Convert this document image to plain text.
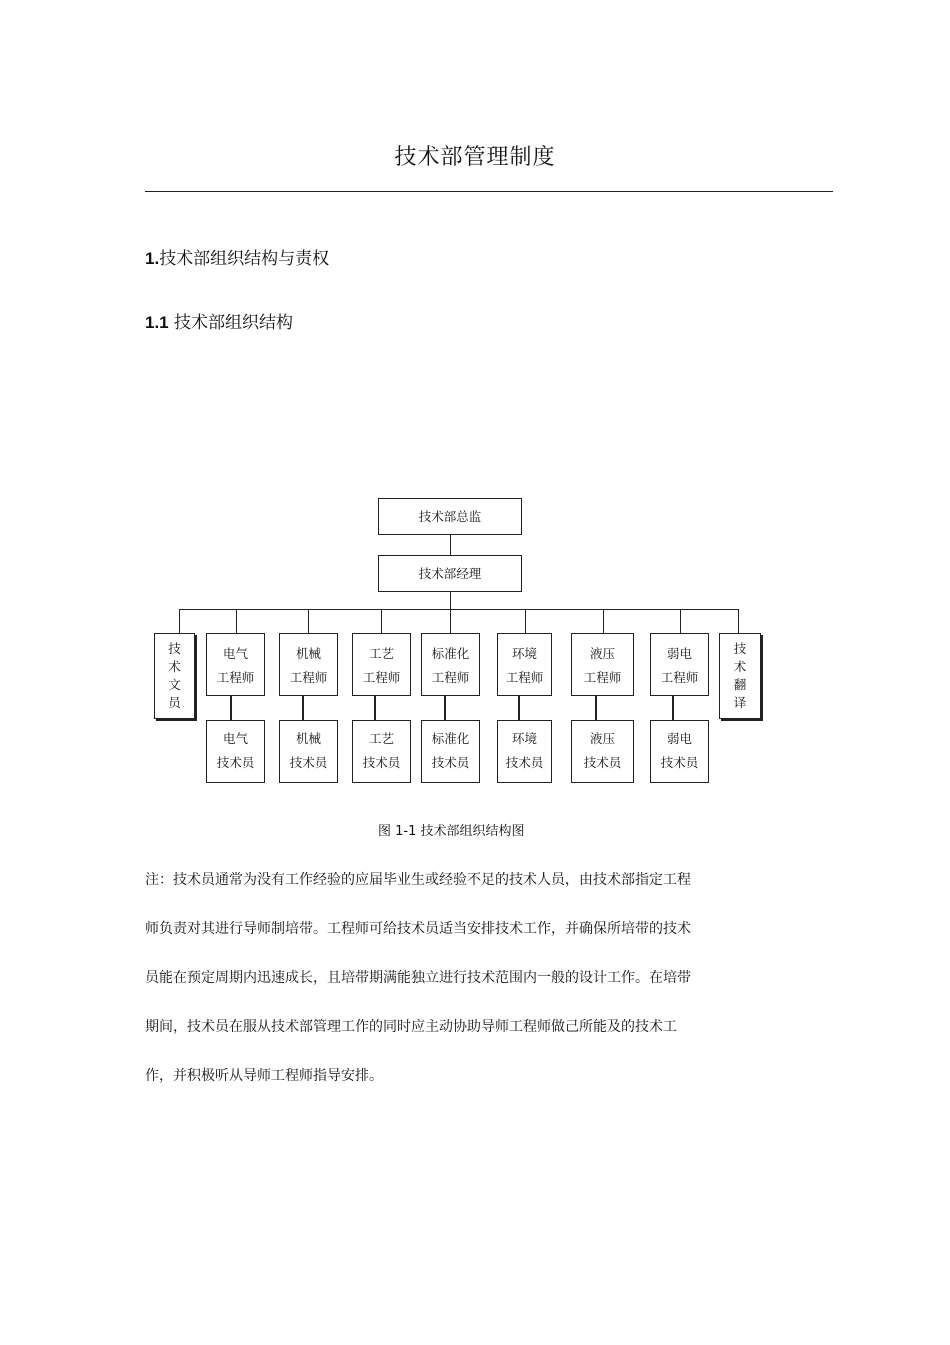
技术部管理制度
1.技术部组织结构与责权
1.1 技术部组织结构
技术部总监
技术部经理
技
术
文
员
技
术
翻
译
电气
工程师
机械
工程师
工艺
工程师
标准化
工程师
环境
工程师
液压
工程师
弱电
工程师
电气
技术员
机械
技术员
工艺
技术员
标准化
技术员
环境
技术员
液压
技术员
弱电
技术员
图 1-1 技术部组织结构图
注：技术员通常为没有工作经验的应届毕业生或经验不足的技术人员，由技术部指定工程
师负责对其进行导师制培带。工程师可给技术员适当安排技术工作，并确保所培带的技术
员能在预定周期内迅速成长，且培带期满能独立进行技术范围内一般的设计工作。在培带
期间，技术员在服从技术部管理工作的同时应主动协助导师工程师做己所能及的技术工
作，并积极听从导师工程师指导安排。
